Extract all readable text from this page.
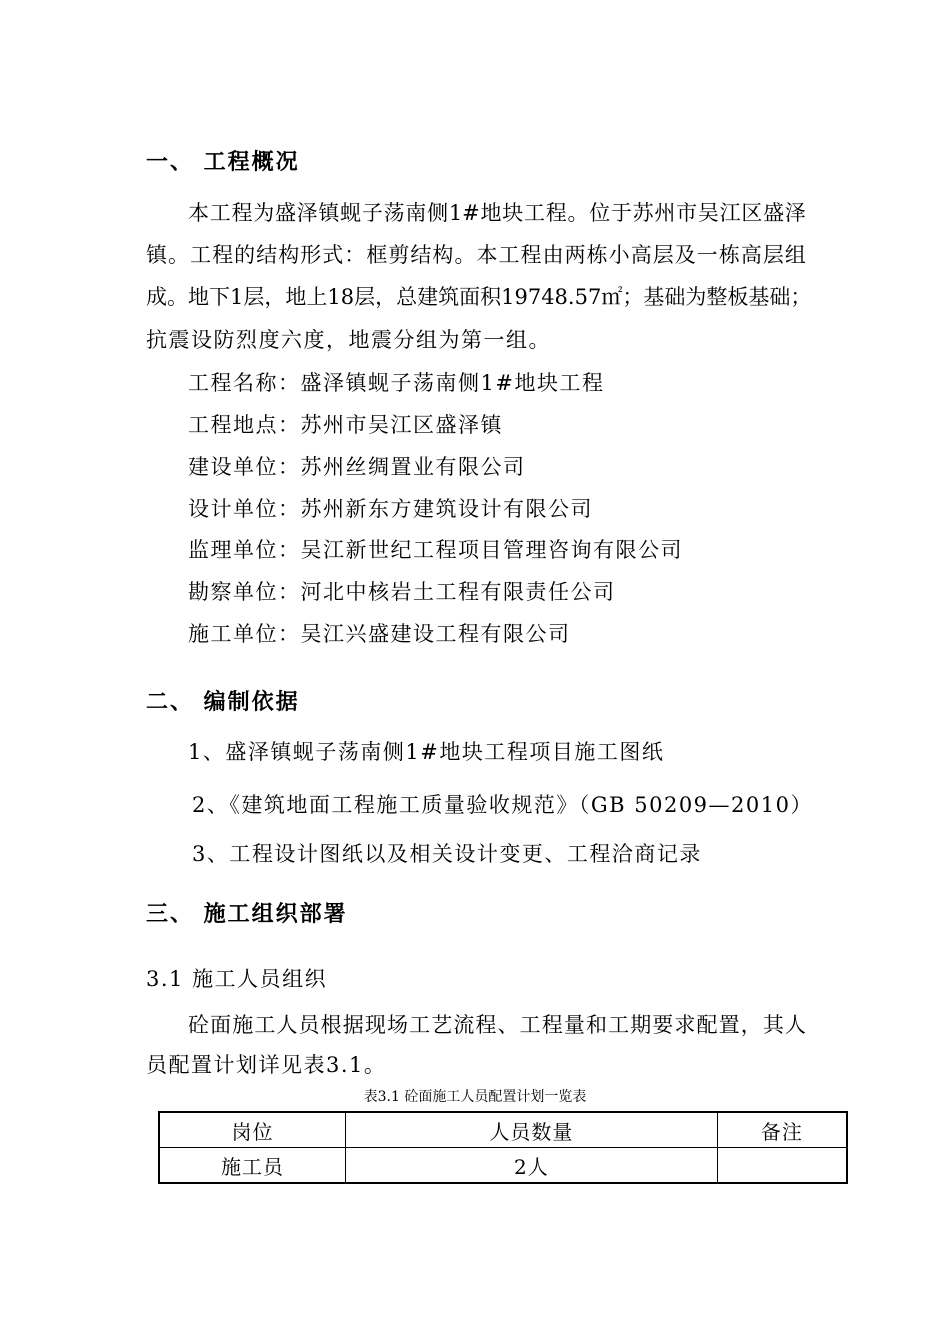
一、 工程概况

本 工 程 为 盛 泽 镇 蚬 子 荡 南 侧 1# 地 块 工 程 。 位 于 苏 州 市 吴 江 区 盛 泽

镇 。 工 程 的 结 构 形 式 ： 框 剪 结 构 。 本 工 程 由 两 栋 小 高 层 及 一 栋 高 层 组

成 。 地 下 1 层 ， 地 上 18 层 ， 总 建 筑 面 积 19748.57 ㎡ ； 基 础 为 整 板 基 础 ；

抗震设防烈度六度，地震分组为第一组。

工程名称：盛泽镇蚬子荡南侧1#地块工程

工程地点：苏州市吴江区盛泽镇

建设单位：苏州丝绸置业有限公司

设计单位：苏州新东方建筑设计有限公司

监理单位：吴江新世纪工程项目管理咨询有限公司

勘察单位：河北中核岩土工程有限责任公司

施工单位：吴江兴盛建设工程有限公司

二、 编制依据

1、盛泽镇蚬子荡南侧1#地块工程项目施工图纸

2、《建筑地面工程施工质量验收规范》（GB 50209—2010）

3、工程设计图纸以及相关设计变更、工程洽商记录

三、 施工组织部署

3.1 施工人员组织

砼 面 施 工 人 员 根 据 现 场 工 艺 流 程 、 工 程 量 和 工 期 要 求 配 置 ， 其 人

员配置计划详见表3.1。

表3.1 砼面施工人员配置计划一览表
岗位	人员数量	备注
施工员	2人	
